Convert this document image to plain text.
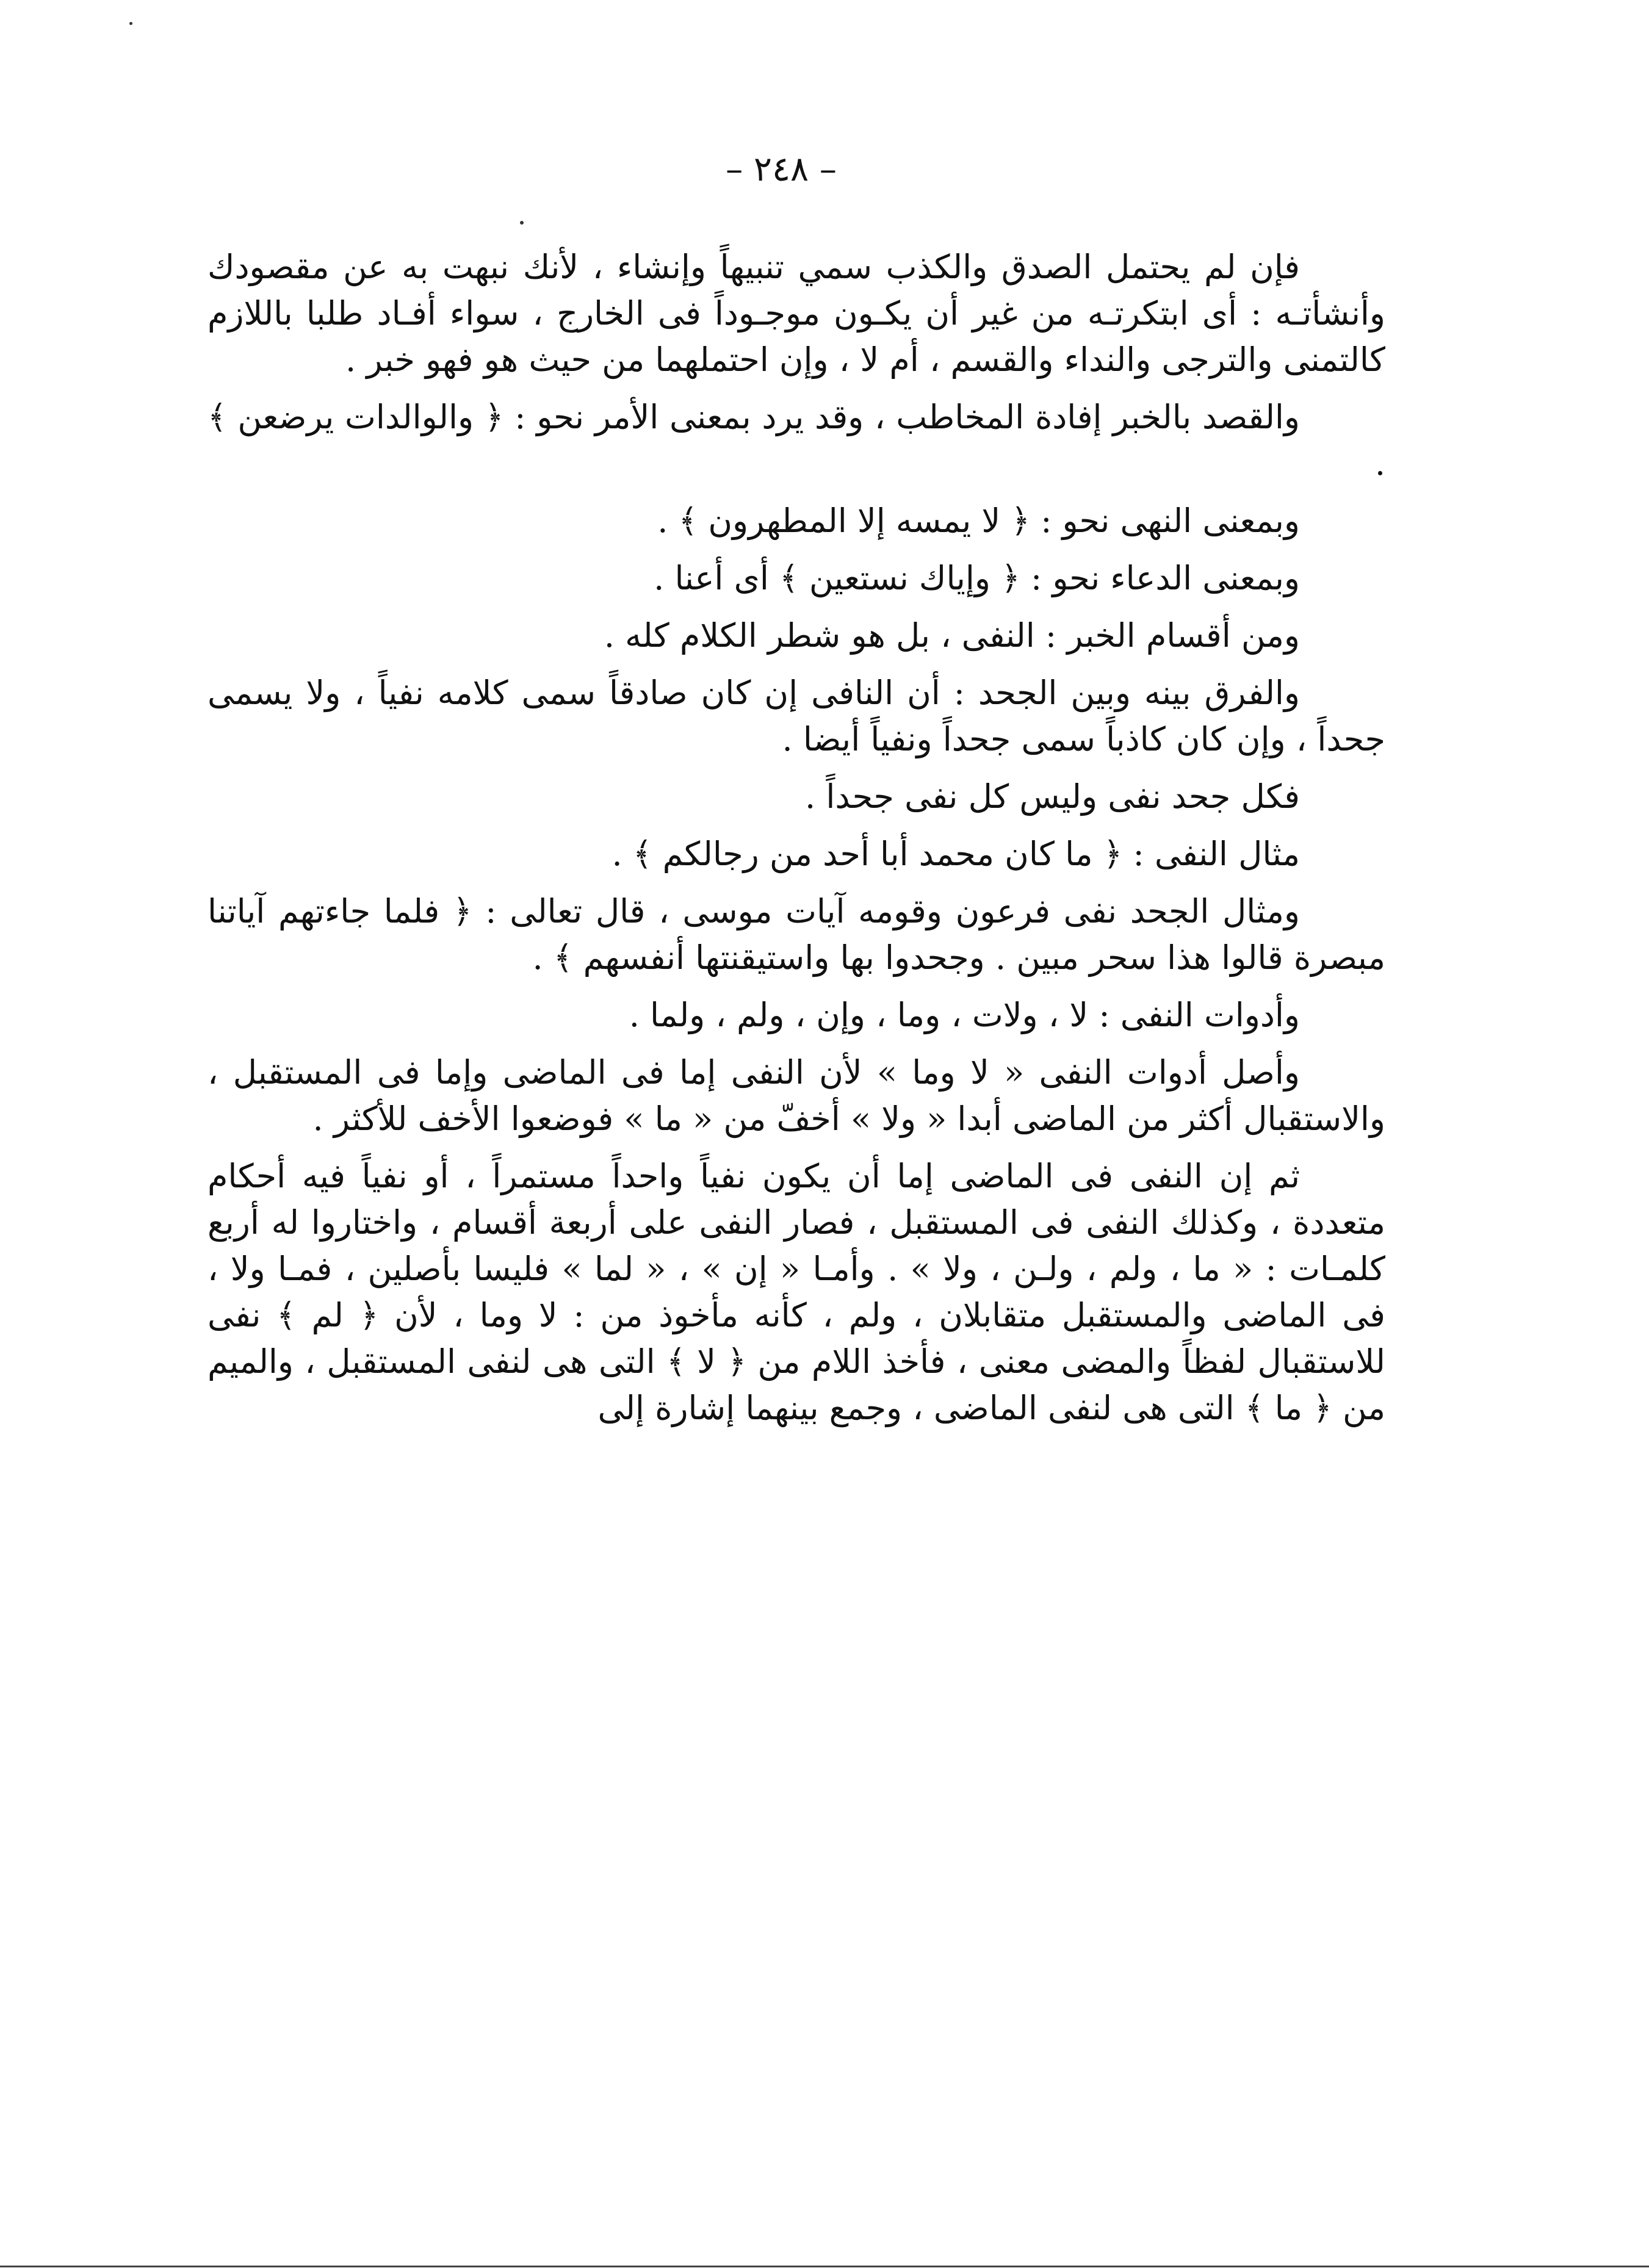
– ٢٤٨ –

فإن لم يحتمل الصدق والكذب سمي تنبيهاً وإنشاء ، لأنك نبهت به عن مقصودك وأنشأتـه : أى ابتكرتـه من غير أن يكـون موجـوداً فى الخارج ، سواء أفـاد طلبا باللازم كالتمنى والترجى والنداء والقسم ، أم لا ، وإن احتملهما من حيث هو فهو خبر .

والقصد بالخبر إفادة المخاطب ، وقد يرد بمعنى الأمر نحو : ﴿ والوالدات يرضعن ﴾ .

وبمعنى النهى نحو : ﴿ لا يمسه إلا المطهرون ﴾ .

وبمعنى الدعاء نحو : ﴿ وإياك نستعين ﴾ أى أعنا .

ومن أقسام الخبر : النفى ، بل هو شطر الكلام كله .

والفرق بينه وبين الجحد : أن النافى إن كان صادقاً سمى كلامه نفياً ، ولا يسمى جحداً ، وإن كان كاذباً سمى جحداً ونفياً أيضا .

فكل جحد نفى وليس كل نفى جحداً .

مثال النفى : ﴿ ما كان محمد أبا أحد من رجالكم ﴾ .

ومثال الجحد نفى فرعون وقومه آيات موسى ، قال تعالى : ﴿ فلما جاءتهم آياتنا مبصرة قالوا هذا سحر مبين . وجحدوا بها واستيقنتها أنفسهم ﴾ .

وأدوات النفى : لا ، ولات ، وما ، وإن ، ولم ، ولما .

وأصل أدوات النفى « لا وما » لأن النفى إما فى الماضى وإما فى المستقبل ، والاستقبال أكثر من الماضى أبدا « ولا » أخفّ من « ما » فوضعوا الأخف للأكثر .

ثم إن النفى فى الماضى إما أن يكون نفياً واحداً مستمراً ، أو نفياً فيه أحكام متعددة ، وكذلك النفى فى المستقبل ، فصار النفى على أربعة أقسام ، واختاروا له أربع كلمـات : « ما ، ولم ، ولـن ، ولا » . وأمـا « إن » ، « لما » فليسا بأصلين ، فمـا ولا ، فى الماضى والمستقبل متقابلان ، ولم ، كأنه مأخوذ من : لا وما ، لأن ﴿ لم ﴾ نفى للاستقبال لفظاً والمضى معنى ، فأخذ اللام من ﴿ لا ﴾ التى هى لنفى المستقبل ، والميم من ﴿ ما ﴾ التى هى لنفى الماضى ، وجمع بينهما إشارة إلى
